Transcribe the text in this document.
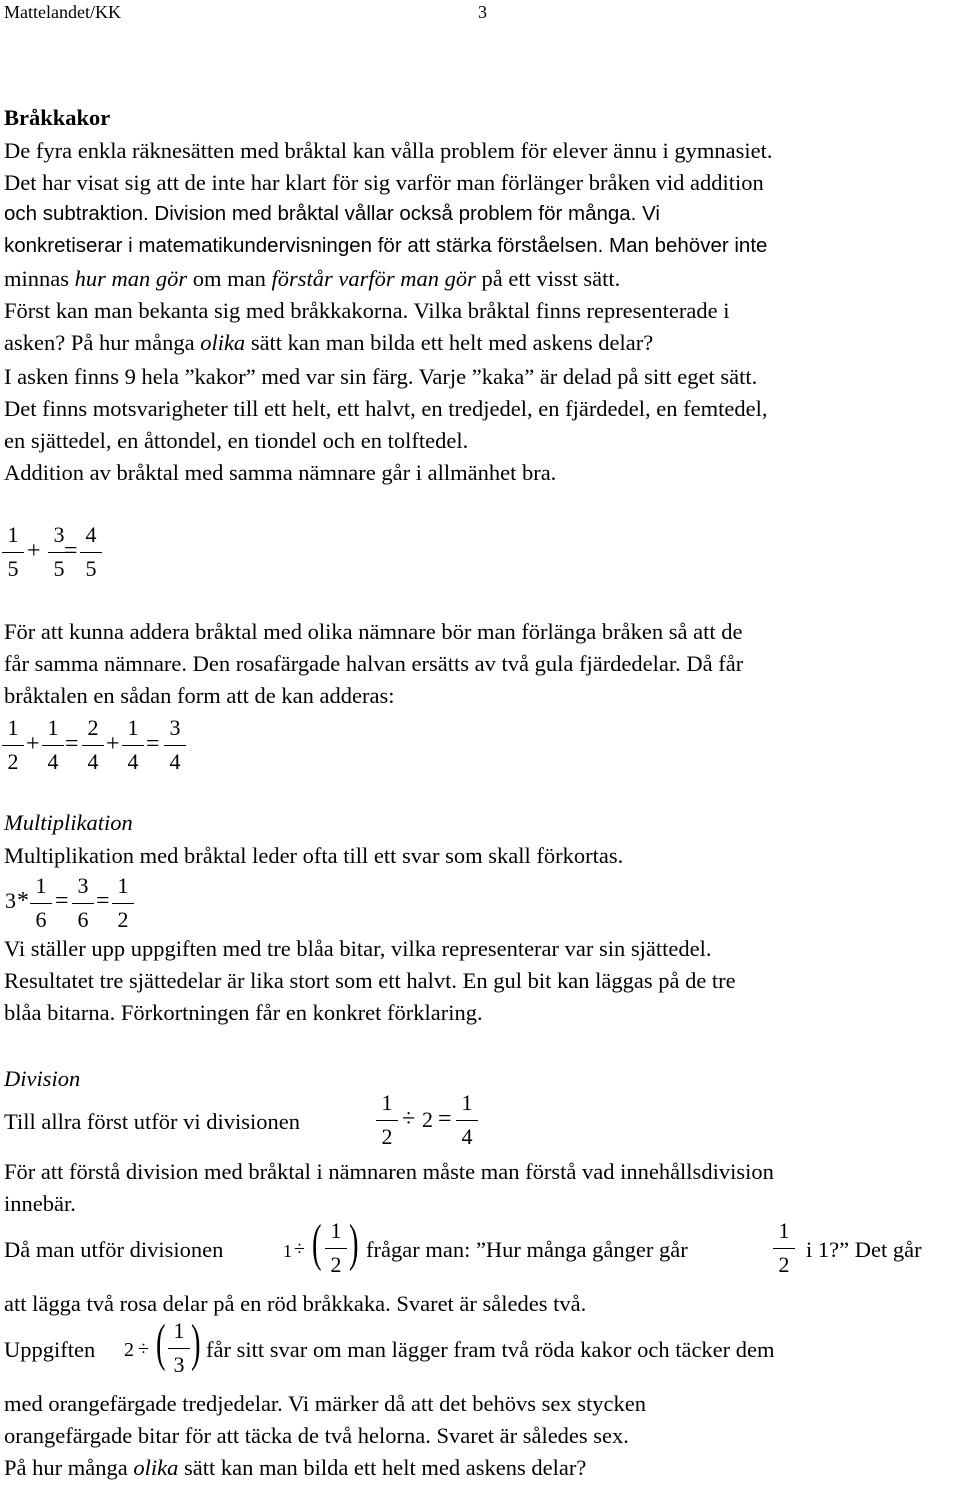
Mattelandet/KK	3
Bråkkakor
De fyra enkla räknesätten med bråktal kan vålla problem för elever ännu i gymnasiet.
Det har visat sig att de inte har klart för sig varför man förlänger bråken vid addition
och subtraktion. Division med bråktal vållar också problem för många. Vi
konkretiserar i matematikundervisningen för att stärka förståelsen. Man behöver inte
minnas hur man gör om man förstår varför man gör på ett visst sätt.
Först kan man bekanta sig med bråkkakorna. Vilka bråktal finns representerade i
asken? På hur många olika sätt kan man bilda ett helt med askens delar?
I asken finns 9 hela ”kakor” med var sin färg. Varje ”kaka” är delad på sitt eget sätt.
Det finns motsvarigheter till ett helt, ett halvt, en tredjedel, en fjärdedel, en femtedel,
en sjättedel, en åttondel, en tiondel och en tolftedel.
Addition av bråktal med samma nämnare går i allmänhet bra.
1
5
+
3
5
=
4
5
För att kunna addera bråktal med olika nämnare bör man förlänga bråken så att de
får samma nämnare. Den rosafärgade halvan ersätts av två gula fjärdedelar. Då får
bråktalen en sådan form att de kan adderas:
1
2
+
1
4
=
2
4
+
1
4
=
3
4
Multiplikation
Multiplikation med bråktal leder ofta till ett svar som skall förkortas.
3 *
1
6
=
3
6
=
1
2
Vi ställer upp uppgiften med tre blåa bitar, vilka representerar var sin sjättedel.
Resultatet tre sjättedelar är lika stort som ett halvt. En gul bit kan läggas på de tre
blåa bitarna. Förkortningen får en konkret förklaring.
Division
Till allra först utför vi divisionen
1
2
÷ 2 =
1
4
För att förstå division med bråktal i nämnaren måste man förstå vad innehållsdivision
innebär.
Då man utför divisionen	1 ÷ ( 1
2 ) frågar man: ”Hur många gånger går
1
2
i 1?” Det går
att lägga två rosa delar på en röd bråkkaka. Svaret är således två.
Uppgiften 2 ÷ ( 1
3 ) får sitt svar om man lägger fram två röda kakor och täcker dem
med orangefärgade tredjedelar. Vi märker då att det behövs sex stycken
orangefärgade bitar för att täcka de två helorna. Svaret är således sex.
På hur många olika sätt kan man bilda ett helt med askens delar?
